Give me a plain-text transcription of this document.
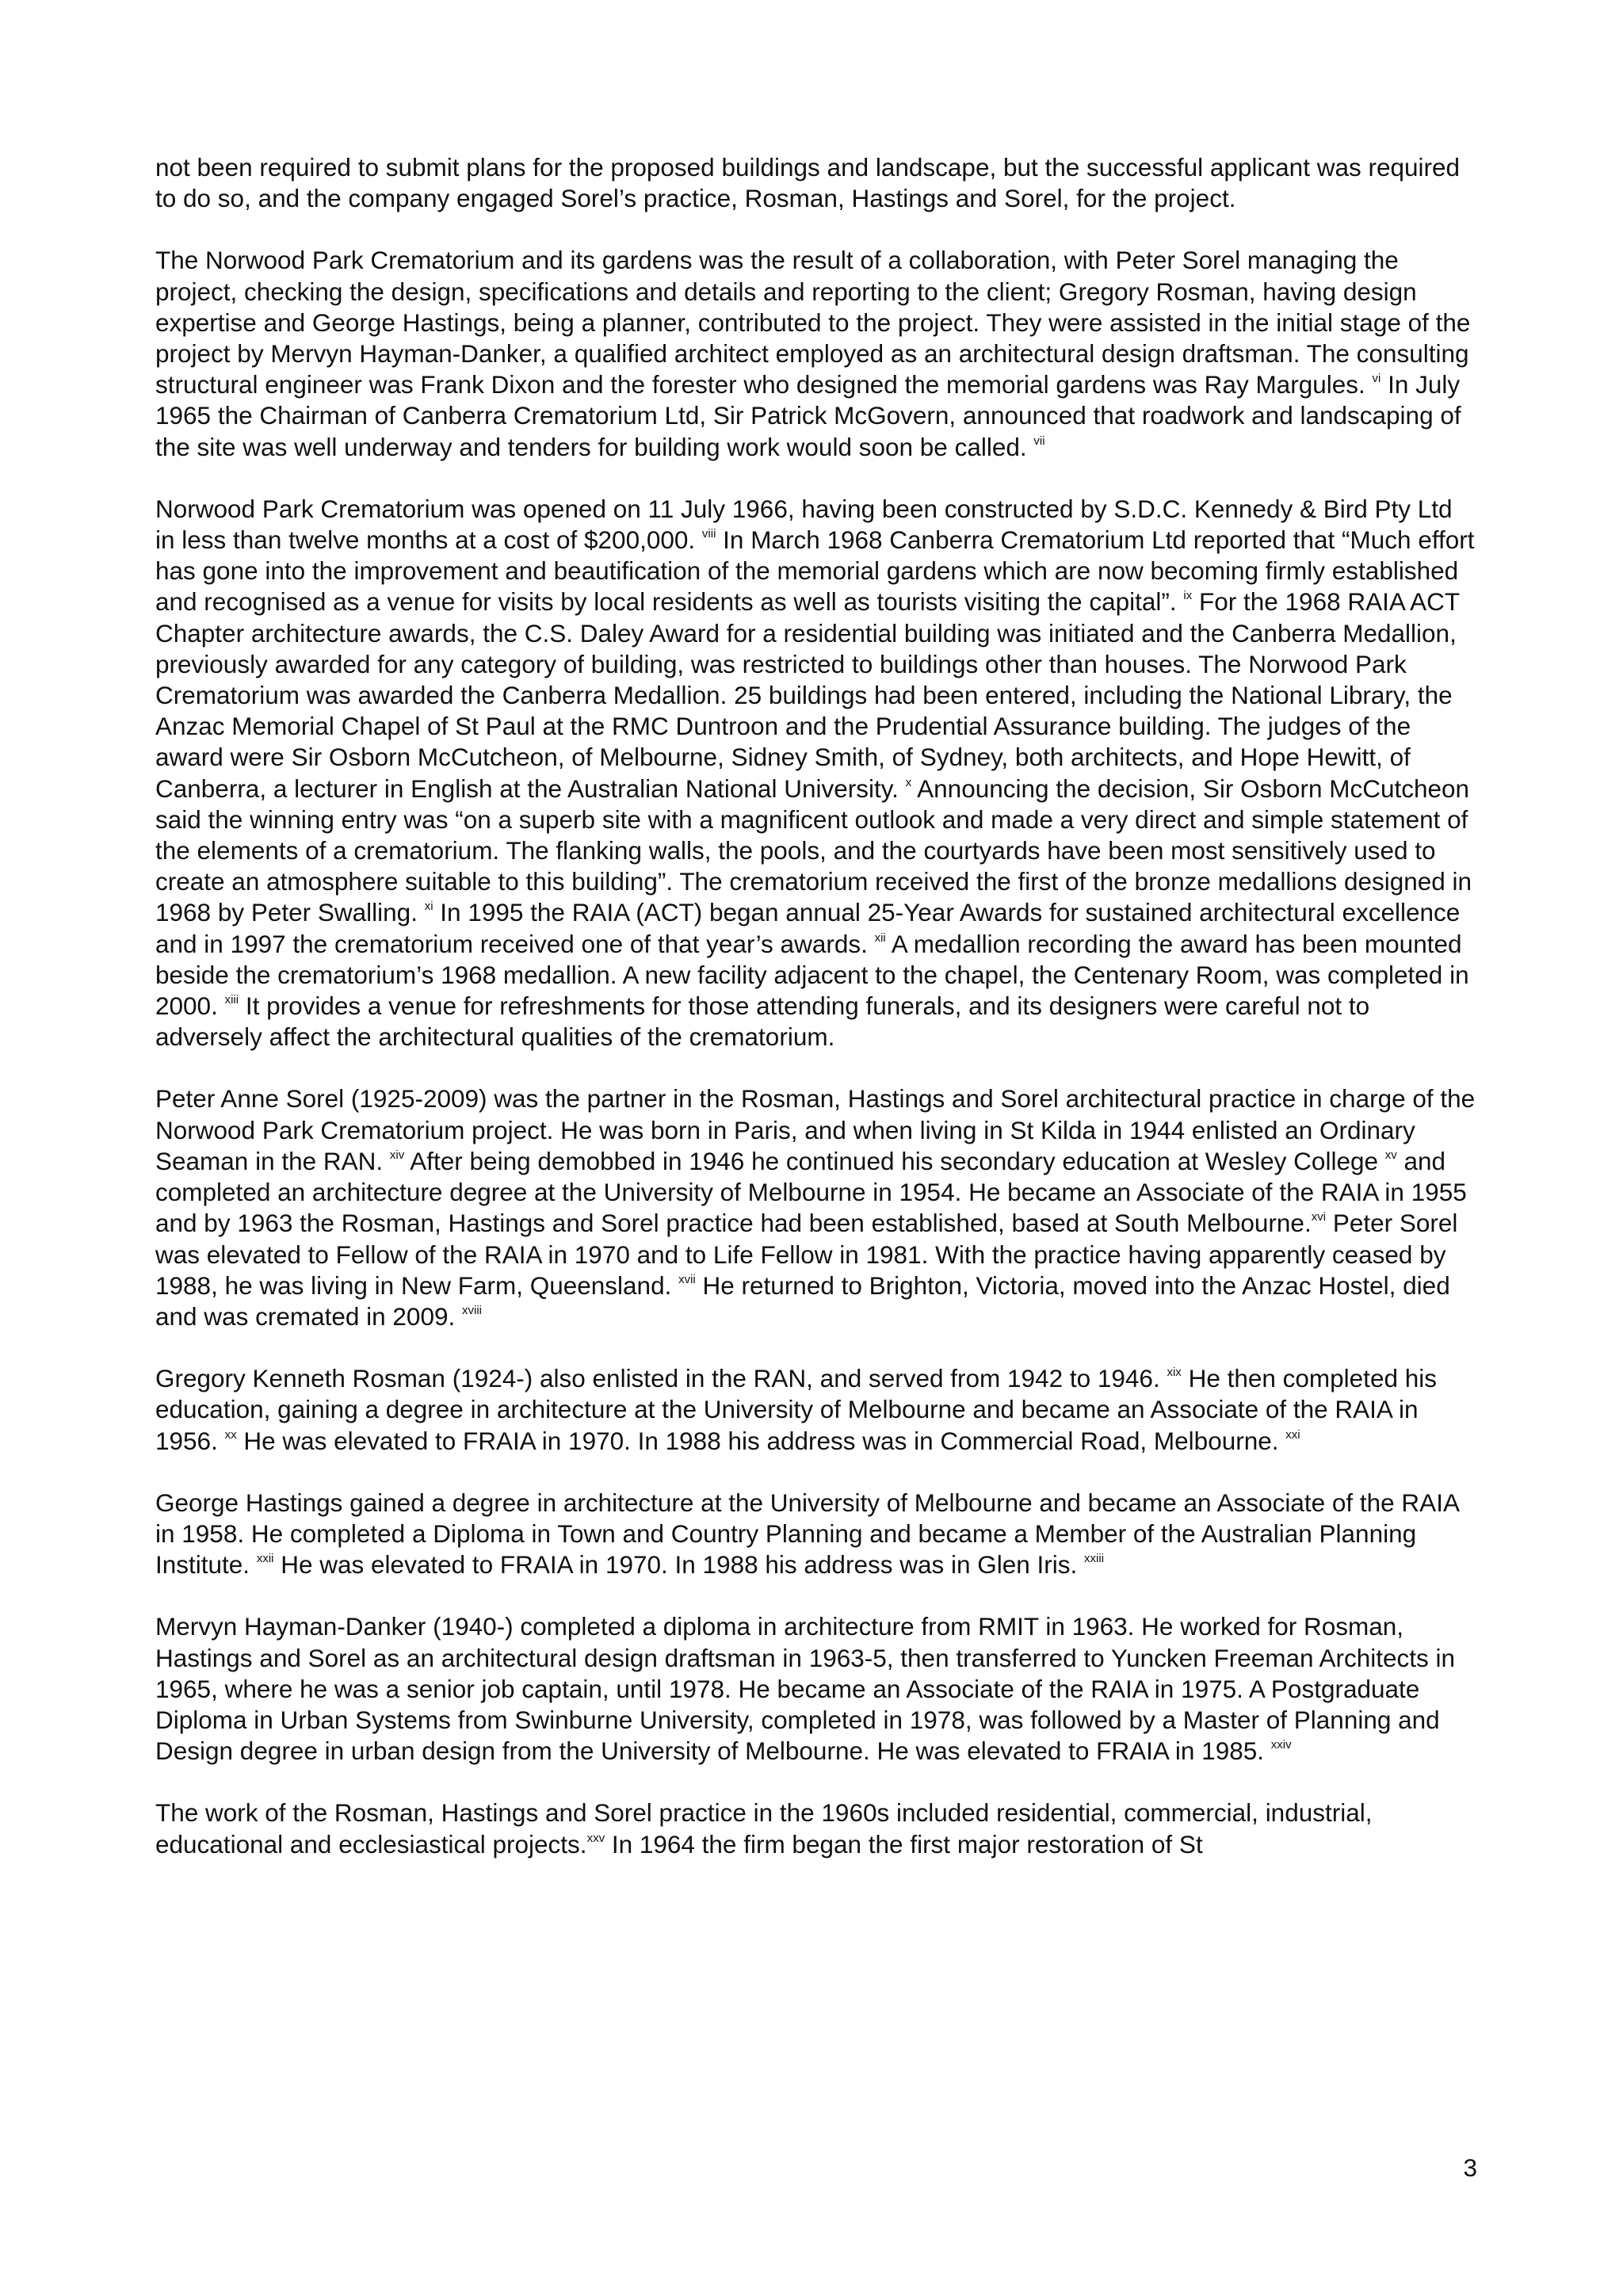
not been required to submit plans for the proposed buildings and landscape, but the successful applicant was required to do so, and the company engaged Sorel’s practice, Rosman, Hastings and Sorel, for the project.

The Norwood Park Crematorium and its gardens was the result of a collaboration, with Peter Sorel managing the project, checking the design, specifications and details and reporting to the client; Gregory Rosman, having design expertise and George Hastings, being a planner, contributed to the project. They were assisted in the initial stage of the project by Mervyn Hayman-Danker, a qualified architect employed as an architectural design draftsman. The consulting structural engineer was Frank Dixon and the forester who designed the memorial gardens was Ray Margules. $^{vi}$ In July 1965 the Chairman of Canberra Crematorium Ltd, Sir Patrick McGovern, announced that roadwork and landscaping of the site was well underway and tenders for building work would soon be called. $^{vii}$

Norwood Park Crematorium was opened on 11 July 1966, having been constructed by S.D.C. Kennedy & Bird Pty Ltd in less than twelve months at a cost of $200,000. $^{viii}$ In March 1968 Canberra Crematorium Ltd reported that “Much effort has gone into the improvement and beautification of the memorial gardens which are now becoming firmly established and recognised as a venue for visits by local residents as well as tourists visiting the capital”. $^{ix}$ For the 1968 RAIA ACT Chapter architecture awards, the C.S. Daley Award for a residential building was initiated and the Canberra Medallion, previously awarded for any category of building, was restricted to buildings other than houses. The Norwood Park Crematorium was awarded the Canberra Medallion. 25 buildings had been entered, including the National Library, the Anzac Memorial Chapel of St Paul at the RMC Duntroon and the Prudential Assurance building. The judges of the award were Sir Osborn McCutcheon, of Melbourne, Sidney Smith, of Sydney, both architects, and Hope Hewitt, of Canberra, a lecturer in English at the Australian National University. $^x$ Announcing the decision, Sir Osborn McCutcheon said the winning entry was “on a superb site with a magnificent outlook and made a very direct and simple statement of the elements of a crematorium. The flanking walls, the pools, and the courtyards have been most sensitively used to create an atmosphere suitable to this building”. The crematorium received the first of the bronze medallions designed in 1968 by Peter Swalling. $^{xi}$ In 1995 the RAIA (ACT) began annual 25-Year Awards for sustained architectural excellence and in 1997 the crematorium received one of that year’s awards. $^{xii}$ A medallion recording the award has been mounted beside the crematorium’s 1968 medallion. A new facility adjacent to the chapel, the Centenary Room, was completed in 2000. $^{xiii}$ It provides a venue for refreshments for those attending funerals, and its designers were careful not to adversely affect the architectural qualities of the crematorium.

Peter Anne Sorel (1925-2009) was the partner in the Rosman, Hastings and Sorel architectural practice in charge of the Norwood Park Crematorium project. He was born in Paris, and when living in St Kilda in 1944 enlisted an Ordinary Seaman in the RAN. $^{xiv}$ After being demobbed in 1946 he continued his secondary education at Wesley College $^{xv}$ and completed an architecture degree at the University of Melbourne in 1954. He became an Associate of the RAIA in 1955 and by 1963 the Rosman, Hastings and Sorel practice had been established, based at South Melbourne.$^{xvi}$ Peter Sorel was elevated to Fellow of the RAIA in 1970 and to Life Fellow in 1981. With the practice having apparently ceased by 1988, he was living in New Farm, Queensland. $^{xvii}$ He returned to Brighton, Victoria, moved into the Anzac Hostel, died and was cremated in 2009. $^{xviii}$

Gregory Kenneth Rosman (1924-) also enlisted in the RAN, and served from 1942 to 1946. $^{xix}$ He then completed his education, gaining a degree in architecture at the University of Melbourne and became an Associate of the RAIA in 1956. $^{xx}$ He was elevated to FRAIA in 1970. In 1988 his address was in Commercial Road, Melbourne. $^{xxi}$

George Hastings gained a degree in architecture at the University of Melbourne and became an Associate of the RAIA in 1958. He completed a Diploma in Town and Country Planning and became a Member of the Australian Planning Institute. $^{xxii}$ He was elevated to FRAIA in 1970. In 1988 his address was in Glen Iris. $^{xxiii}$

Mervyn Hayman-Danker (1940-) completed a diploma in architecture from RMIT in 1963. He worked for Rosman, Hastings and Sorel as an architectural design draftsman in 1963-5, then transferred to Yuncken Freeman Architects in 1965, where he was a senior job captain, until 1978. He became an Associate of the RAIA in 1975. A Postgraduate Diploma in Urban Systems from Swinburne University, completed in 1978, was followed by a Master of Planning and Design degree in urban design from the University of Melbourne. He was elevated to FRAIA in 1985. $^{xxiv}$

The work of the Rosman, Hastings and Sorel practice in the 1960s included residential, commercial, industrial, educational and ecclesiastical projects.$^{xxv}$ In 1964 the firm began the first major restoration of St

3
